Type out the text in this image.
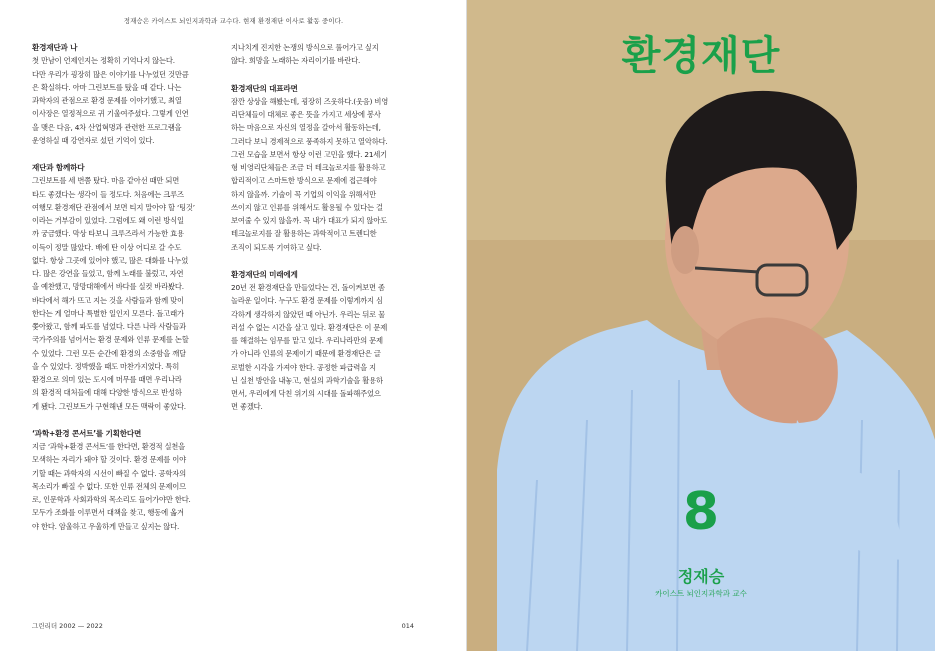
정재승은 카이스트 뇌인지과학과 교수다. 현재 환경재단 이사로 활동 중이다.
환경재단과 나

첫 만남이 언제인지는 정확히 기억나지 않는다.
다만 우리가 굉장히 많은 이야기를 나누었던 것만큼
은 확실하다. 아마 그린보트를 탔을 때 같다. 나는
과학자의 관점으로 환경 문제를 이야기했고, 최열
이사장은 열정적으로 귀 기울여주셨다. 그렇게 인연
을 맺은 다음, 4차 산업혁명과 관련한 프로그램을
운영하실 때 강연자로 섰던 기억이 있다.

재단과 함께하다

그린보트를 세 번쯤 탔다. 마음 같아선 때만 되면
타도 좋겠다는 생각이 들 정도다. 처음에는 크루즈
여행모 환경재단 관점에서 보면 티지 말아야 할 ‘팅것’
이라는 거부감이 있었다. 그럼에도 왜 이런 방식일
까 궁금했다. 막상 타보니 크루즈라서 가능한 효용
이득이 정말 많았다. 배에 탄 이상 어디로 갈 수도
없다. 항상 그곳에 있어야 했고, 많은 대화를 나누었
다. 많은 강연을 들었고, 함께 노래를 불렀고, 자연
을 예찬했고, 망망대해에서 바다를 실컷 바라봤다.
바다에서 해가 뜨고 지는 것을 사람들과 함께 맞이
한다는 게 얼마나 특별한 일인지 모른다. 돌고래가
쫓아왔고, 함께 파도를 넘었다. 다른 나라 사람들과
국가주의를 넘어서는 환경 문제와 인류 문제를 논할
수 있었다. 그런 모든 순간에 환경의 소중함을 깨달
을 수 있었다. 정박했을 때도 마찬가지였다. 특히
환경으로 의미 있는 도시에 머무를 때면 우리나라
의 환경적 대처들에 대해 다양한 방식으로 반성하
게 됐다. 그린보트가 구현해낸 모든 맥락이 좋았다.

‘과학+환경 콘서트’를 기획한다면

지금 ‘과학+환경 콘서트’를 한다면, 환경적 실천을
모색하는 자리가 돼야 할 것이다. 환경 문제를 이야
기할 때는 과학자의 시선이 빠질 수 없다. 공학자의
목소리가 빠질 수 없다. 또한 인류 전체의 문제이므
로, 인문학과 사회과학의 목소리도 들어가야만 한다.
모두가 조화를 이루면서 대책을 찾고, 행동에 옮겨
야 한다. 암울하고 우울하게 만들고 싶지는 않다.

지나치게 진지한 논쟁의 방식으로 풀어가고 싶지
않다. 희망을 노래하는 자리이기를 바란다.

환경재단의 대표라면

잠깐 상상을 해봤는데, 굉장히 즈웃하다.(웃음) 비영
리단체들이 대체로 좋은 뜻을 가지고 세상에 봉사
하는 마음으로 자신의 열정을 갈아서 활동하는데,
그러다 보니 경제적으로 풍족하지 못하고 열악하다.
그런 모습을 보면서 항상 이런 고민을 했다. 21세기
형 비영리단체들은 조금 더 테크놀로지를 활용하고
합리적이고 스마트한 방식으로 문제에 접근해야
하지 않을까. 기술이 꼭 기업의 이익을 위해서만
쓰이지 않고 인류를 위해서도 활용될 수 있다는 걸
보여줄 수 있지 않을까. 꼭 내가 대표가 되지 않아도
테크놀로지를 잘 활용하는 과학적이고 트렌디한
조직이 되도록 기여하고 싶다.

환경재단의 미래에게

20년 전 환경재단을 만들었다는 건, 돌이켜보면 좀
놀라운 일이다. 누구도 환경 문제를 이렇게까지 심
각하게 생각하지 않았던 때 아닌가. 우리는 뒤로 물
러설 수 없는 시간을 살고 있다. 환경재단은 이 문제
를 해결하는 임무를 맡고 있다. 우리나라만의 문제
가 아니라 인류의 문제이기 때문에 환경재단은 글
로벌한 시각을 가져야 한다. 공정한 파급력을 지
닌 실천 방안을 내놓고, 현실의 과학기술을 활용하
면서, 우리에게 닥친 위기의 시대를 돌파해주었으
면 좋겠다.

그린리더 2002 — 2022	014
환경재단
8
정재승
카이스트 뇌인지과학과 교수
